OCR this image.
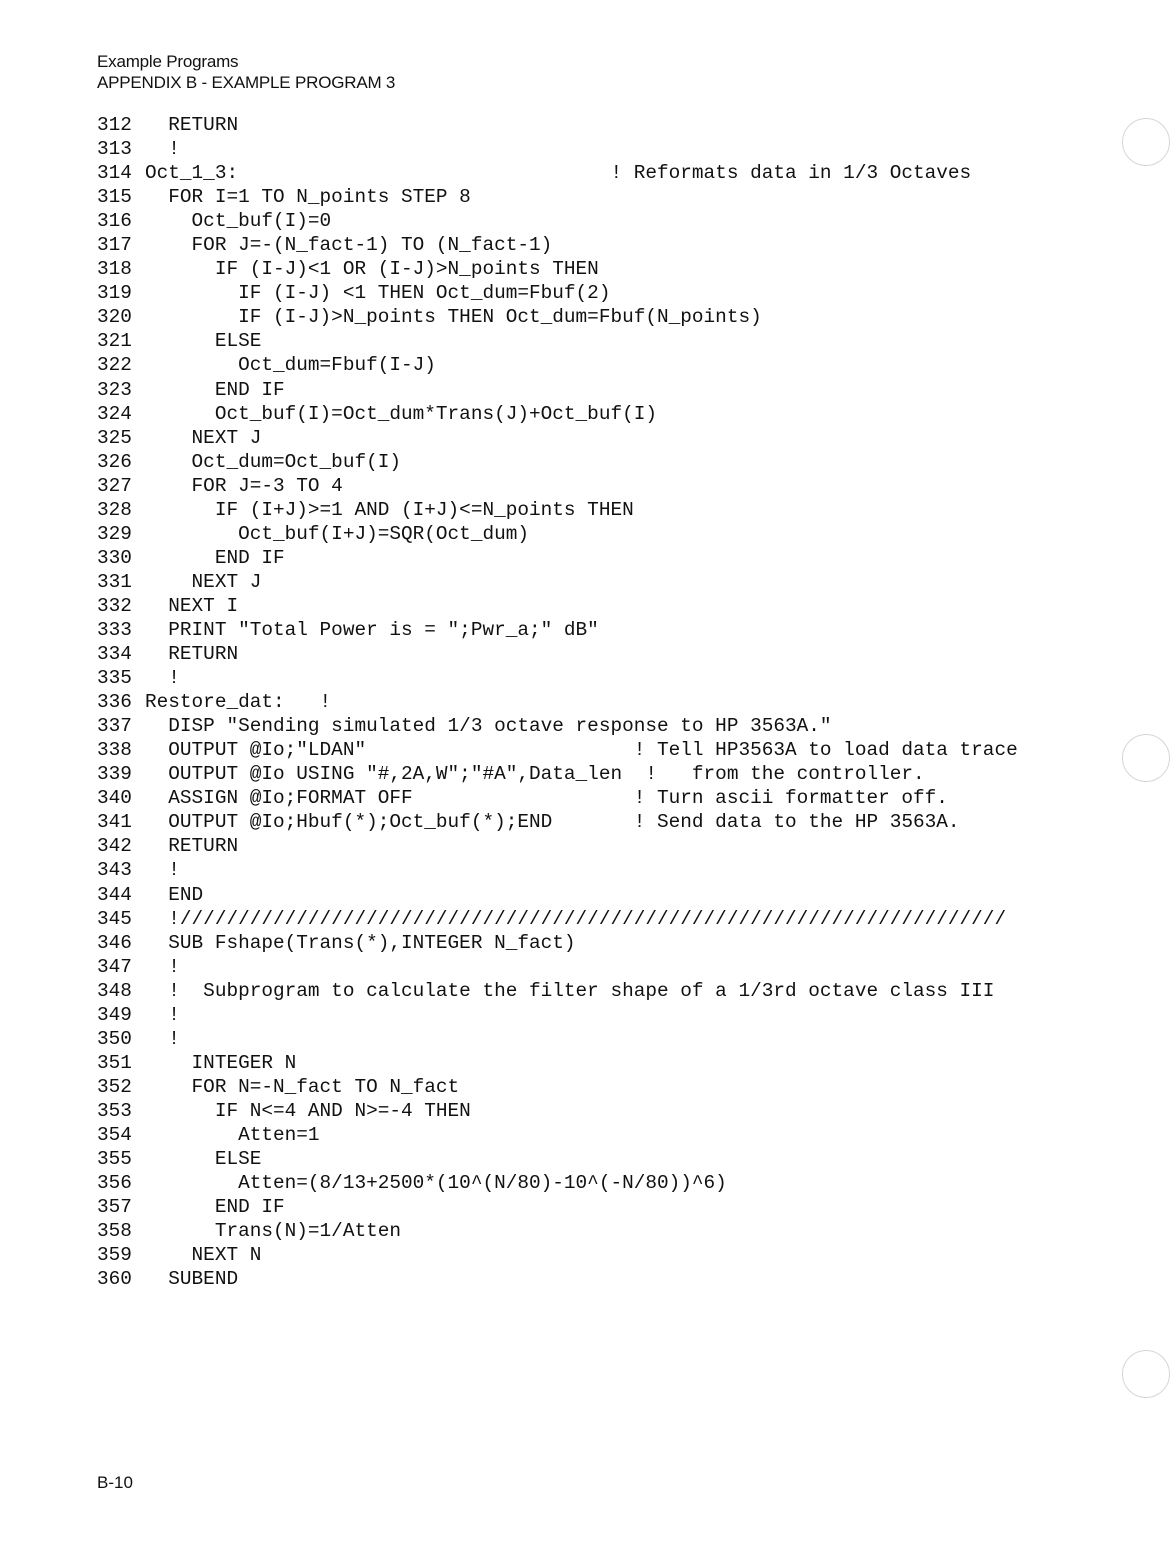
Example Programs
APPENDIX B - EXAMPLE PROGRAM 3
312  RETURN
313  !
314 Oct_1_3:                                ! Reformats data in 1/3 Octaves
315  FOR I=1 TO N_points STEP 8
316    Oct_buf(I)=0
317    FOR J=-(N_fact-1) TO (N_fact-1)
318      IF (I-J)<1 OR (I-J)>N_points THEN
319        IF (I-J) <1 THEN Oct_dum=Fbuf(2)
320        IF (I-J)>N_points THEN Oct_dum=Fbuf(N_points)
321      ELSE
322        Oct_dum=Fbuf(I-J)
323      END IF
324      Oct_buf(I)=Oct_dum*Trans(J)+Oct_buf(I)
325    NEXT J
326    Oct_dum=Oct_buf(I)
327    FOR J=-3 TO 4
328      IF (I+J)>=1 AND (I+J)<=N_points THEN
329        Oct_buf(I+J)=SQR(Oct_dum)
330      END IF
331    NEXT J
332  NEXT I
333  PRINT "Total Power is = ";Pwr_a;" dB"
334  RETURN
335  !
336 Restore_dat:   !
337  DISP "Sending simulated 1/3 octave response to HP 3563A."
338  OUTPUT @Io;"LDAN"                       ! Tell HP3563A to load data trace
339  OUTPUT @Io USING "#,2A,W";"#A",Data_len  !   from the controller.
340  ASSIGN @Io;FORMAT OFF                   ! Turn ascii formatter off.
341  OUTPUT @Io;Hbuf(*);Oct_buf(*);END       ! Send data to the HP 3563A.
342  RETURN
343  !
344  END
345  !///////////////////////////////////////////////////////////////////////
346  SUB Fshape(Trans(*),INTEGER N_fact)
347  !
348  !  Subprogram to calculate the filter shape of a 1/3rd octave class III
349  !
350  !
351    INTEGER N
352    FOR N=-N_fact TO N_fact
353      IF N<=4 AND N>=-4 THEN
354        Atten=1
355      ELSE
356        Atten=(8/13+2500*(10^(N/80)-10^(-N/80))^6)
357      END IF
358      Trans(N)=1/Atten
359    NEXT N
360  SUBEND
B-10
